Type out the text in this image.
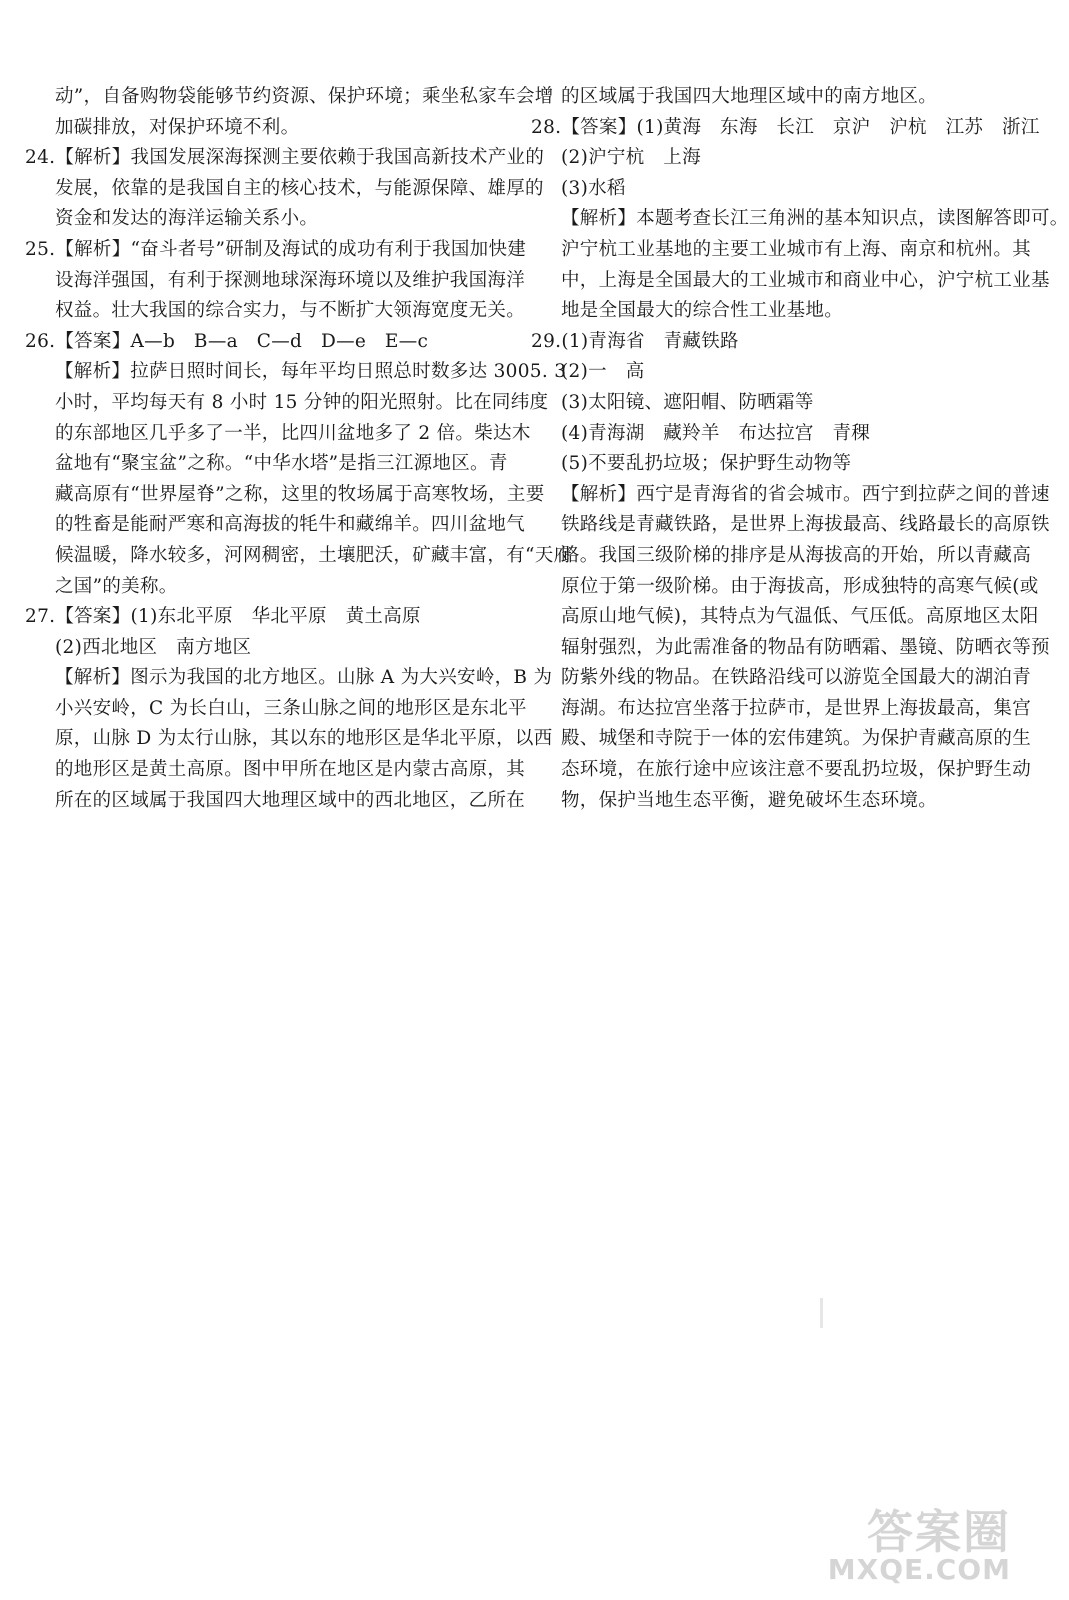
动”，自备购物袋能够节约资源、保护环境；乘坐私家车会增
加碳排放，对保护环境不利。
24.【解析】我国发展深海探测主要依赖于我国高新技术产业的
发展，依靠的是我国自主的核心技术，与能源保障、雄厚的
资金和发达的海洋运输关系小。
25.【解析】“奋斗者号”研制及海试的成功有利于我国加快建
设海洋强国，有利于探测地球深海环境以及维护我国海洋
权益。壮大我国的综合实力，与不断扩大领海宽度无关。
26.【答案】A—b　B—a　C—d　D—e　E—c
【解析】拉萨日照时间长，每年平均日照总时数多达 3005. 3
小时，平均每天有 8 小时 15 分钟的阳光照射。比在同纬度
的东部地区几乎多了一半，比四川盆地多了 2 倍。柴达木
盆地有“聚宝盆”之称。“中华水塔”是指三江源地区。青
藏高原有“世界屋脊”之称，这里的牧场属于高寒牧场，主要
的牲畜是能耐严寒和高海拔的牦牛和藏绵羊。四川盆地气
候温暖，降水较多，河网稠密，土壤肥沃，矿藏丰富，有“天府
之国”的美称。
27.【答案】(1)东北平原　华北平原　黄土高原
(2)西北地区　南方地区
【解析】图示为我国的北方地区。山脉 A 为大兴安岭，B 为
小兴安岭，C 为长白山，三条山脉之间的地形区是东北平
原，山脉 D 为太行山脉，其以东的地形区是华北平原，以西
的地形区是黄土高原。图中甲所在地区是内蒙古高原，其
所在的区域属于我国四大地理区域中的西北地区，乙所在
的区域属于我国四大地理区域中的南方地区。
28.【答案】(1)黄海　东海　长江　京沪　沪杭　江苏　浙江
(2)沪宁杭　上海
(3)水稻
【解析】本题考查长江三角洲的基本知识点，读图解答即可。
沪宁杭工业基地的主要工业城市有上海、南京和杭州。其
中，上海是全国最大的工业城市和商业中心，沪宁杭工业基
地是全国最大的综合性工业基地。
29.(1)青海省　青藏铁路
(2)一　高
(3)太阳镜、遮阳帽、防晒霜等
(4)青海湖　藏羚羊　布达拉宫　青稞
(5)不要乱扔垃圾；保护野生动物等
【解析】西宁是青海省的省会城市。西宁到拉萨之间的普速
铁路线是青藏铁路，是世界上海拔最高、线路最长的高原铁
路。我国三级阶梯的排序是从海拔高的开始，所以青藏高
原位于第一级阶梯。由于海拔高，形成独特的高寒气候(或
高原山地气候)，其特点为气温低、气压低。高原地区太阳
辐射强烈，为此需准备的物品有防晒霜、墨镜、防晒衣等预
防紫外线的物品。在铁路沿线可以游览全国最大的湖泊青
海湖。布达拉宫坐落于拉萨市，是世界上海拔最高，集宫
殿、城堡和寺院于一体的宏伟建筑。为保护青藏高原的生
态环境，在旅行途中应该注意不要乱扔垃圾，保护野生动
物，保护当地生态平衡，避免破坏生态环境。
答案圈
MXQE.COM
